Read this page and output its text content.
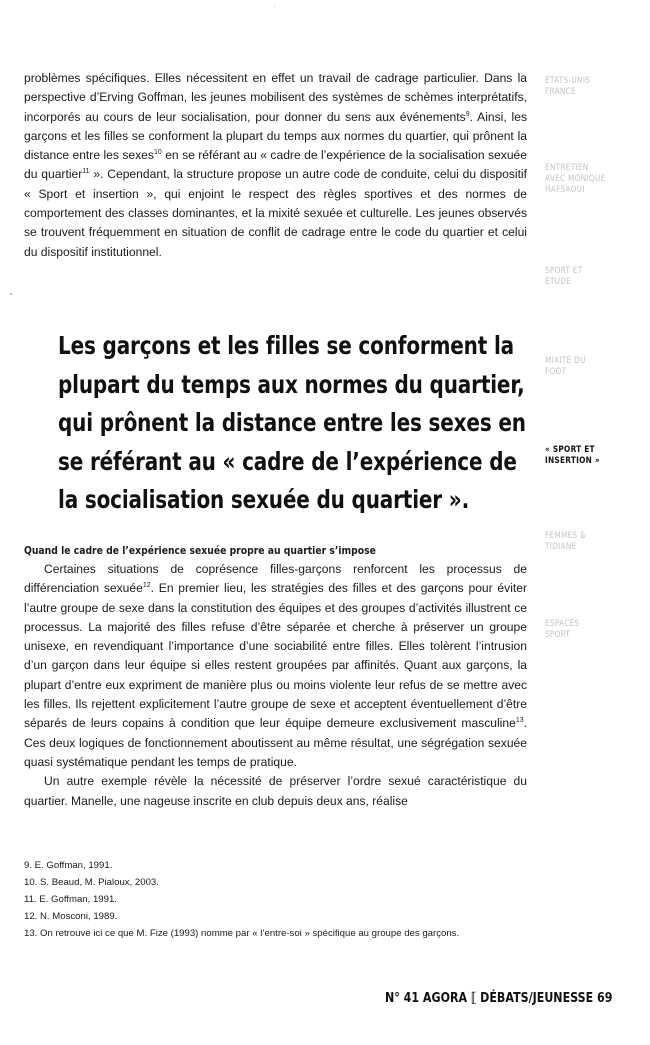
problèmes spécifiques. Elles nécessitent en effet un travail de cadrage particulier. Dans la perspective d’Erving Goffman, les jeunes mobilisent des systèmes de schèmes interprétatifs, incorporés au cours de leur socialisation, pour donner du sens aux événements$^9$. Ainsi, les garçons et les filles se conforment la plupart du temps aux normes du quartier, qui prônent la distance entre les sexes$^{10}$ en se référant au « cadre de l’expérience de la socialisation sexuée du quartier$^{11}$ ». Cependant, la structure propose un autre code de conduite, celui du dispositif « Sport et insertion », qui enjoint le respect des règles sportives et des normes de comportement des classes dominantes, et la mixité sexuée et culturelle. Les jeunes observés se trouvent fréquemment en situation de conflit de cadrage entre le code du quartier et celui du dispositif institutionnel.

Les garçons et les filles se conforment la plupart du temps aux normes du quartier, qui prônent la distance entre les sexes en se référant au « cadre de l’expérience de la socialisation sexuée du quartier ».
Quand le cadre de l’expérience sexuée propre au quartier s’impose

Certaines situations de coprésence filles-garçons renforcent les processus de différenciation sexuée$^{12}$. En premier lieu, les stratégies des filles et des garçons pour éviter l’autre groupe de sexe dans la constitution des équipes et des groupes d’activités illustrent ce processus. La majorité des filles refuse d’être séparée et cherche à préserver un groupe unisexe, en revendiquant l’importance d’une sociabilité entre filles. Elles tolèrent l’intrusion d’un garçon dans leur équipe si elles restent groupées par affinités. Quant aux garçons, la plupart d’entre eux expriment de manière plus ou moins violente leur refus de se mettre avec les filles. Ils rejettent explicitement l’autre groupe de sexe et acceptent éventuellement d’être séparés de leurs copains à condition que leur équipe demeure exclusivement masculine$^{13}$. Ces deux logiques de fonctionnement aboutissent au même résultat, une ségrégation sexuée quasi systématique pendant les temps de pratique.

Un autre exemple révèle la nécessité de préserver l’ordre sexué caractéristique du quartier. Manelle, une nageuse inscrite en club depuis deux ans, réalise

9. E. Goffman, 1991.
10. S. Beaud, M. Pialoux, 2003.
11. E. Goffman, 1991.
12. N. Mosconi, 1989.
13. On retrouve ici ce que M. Fize (1993) nomme par « l’entre-soi » spécifique au groupe des garçons.
N° 41 AGORA ⟦ DÉBATS/JEUNESSE 69
ÉTATS-UNIS
FRANCE
ENTRETIEN
AVEC MONIQUE
HAFSAOUI
SPORT ET
ÉTUDE
MIXITÉ DU
FOOT
« SPORT ET
INSERTION »
FEMMES &
TIDIANE
ESPACES
SPORT
